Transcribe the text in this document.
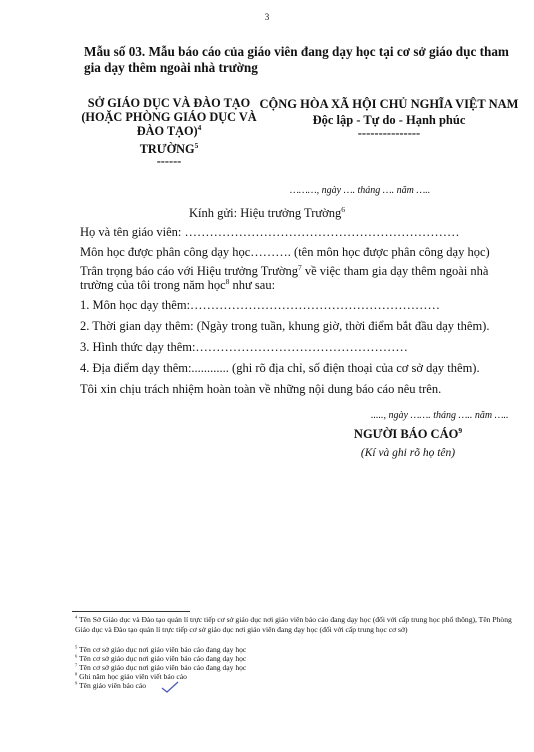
3
Mẫu số 03. Mẫu báo cáo của giáo viên đang dạy học tại cơ sở giáo dục tham gia dạy thêm ngoài nhà trường
SỞ GIÁO DỤC VÀ ĐÀO TẠO
(HOẶC PHÒNG GIÁO DỤC VÀ
ĐÀO TẠO)$^4$
TRƯỜNG$^5$
------
CỘNG HÒA XÃ HỘI CHỦ NGHĨA VIỆT NAM
Độc lập - Tự do - Hạnh phúc
---------------
………, ngày …. tháng …. năm …..
Kính gửi: Hiệu trưởng Trường$^6$
Họ và tên giáo viên: …………………………………………………………
Môn học được phân công dạy học………. (tên môn học được phân công dạy học)
Trân trọng báo cáo với Hiệu trưởng Trường$^7$ về việc tham gia dạy thêm ngoài nhà trường của tôi trong năm học$^8$ như sau:
1. Môn học dạy thêm:……………………………………………………
2. Thời gian dạy thêm: (Ngày trong tuần, khung giờ, thời điểm bắt đầu dạy thêm).
3. Hình thức dạy thêm:……………………………………………
4. Địa điểm dạy thêm:............ (ghi rõ địa chỉ, số điện thoại của cơ sở dạy thêm).
Tôi xin chịu trách nhiệm hoàn toàn về những nội dung báo cáo nêu trên.
....., ngày ……. tháng ….. năm …..
NGƯỜI BÁO CÁO$^9$
(Kí và ghi rõ họ tên)
$^4$ Tên Sở Giáo dục và Đào tạo quản lí trực tiếp cơ sở giáo dục nơi giáo viên báo cáo đang dạy học (đối với cấp trung học phổ thông), Tên Phòng Giáo dục và Đào tạo quản lí trực tiếp cơ sở giáo dục nơi giáo viên đang dạy học (đối với cấp trung học cơ sở)
$^5$ Tên cơ sở giáo dục nơi giáo viên báo cáo đang dạy học
$^6$ Tên cơ sở giáo dục nơi giáo viên báo cáo đang dạy học
$^7$ Tên cơ sở giáo dục nơi giáo viên báo cáo đang dạy học
$^8$ Ghi năm học giáo viên viết báo cáo
$^9$ Tên giáo viên báo cáo
